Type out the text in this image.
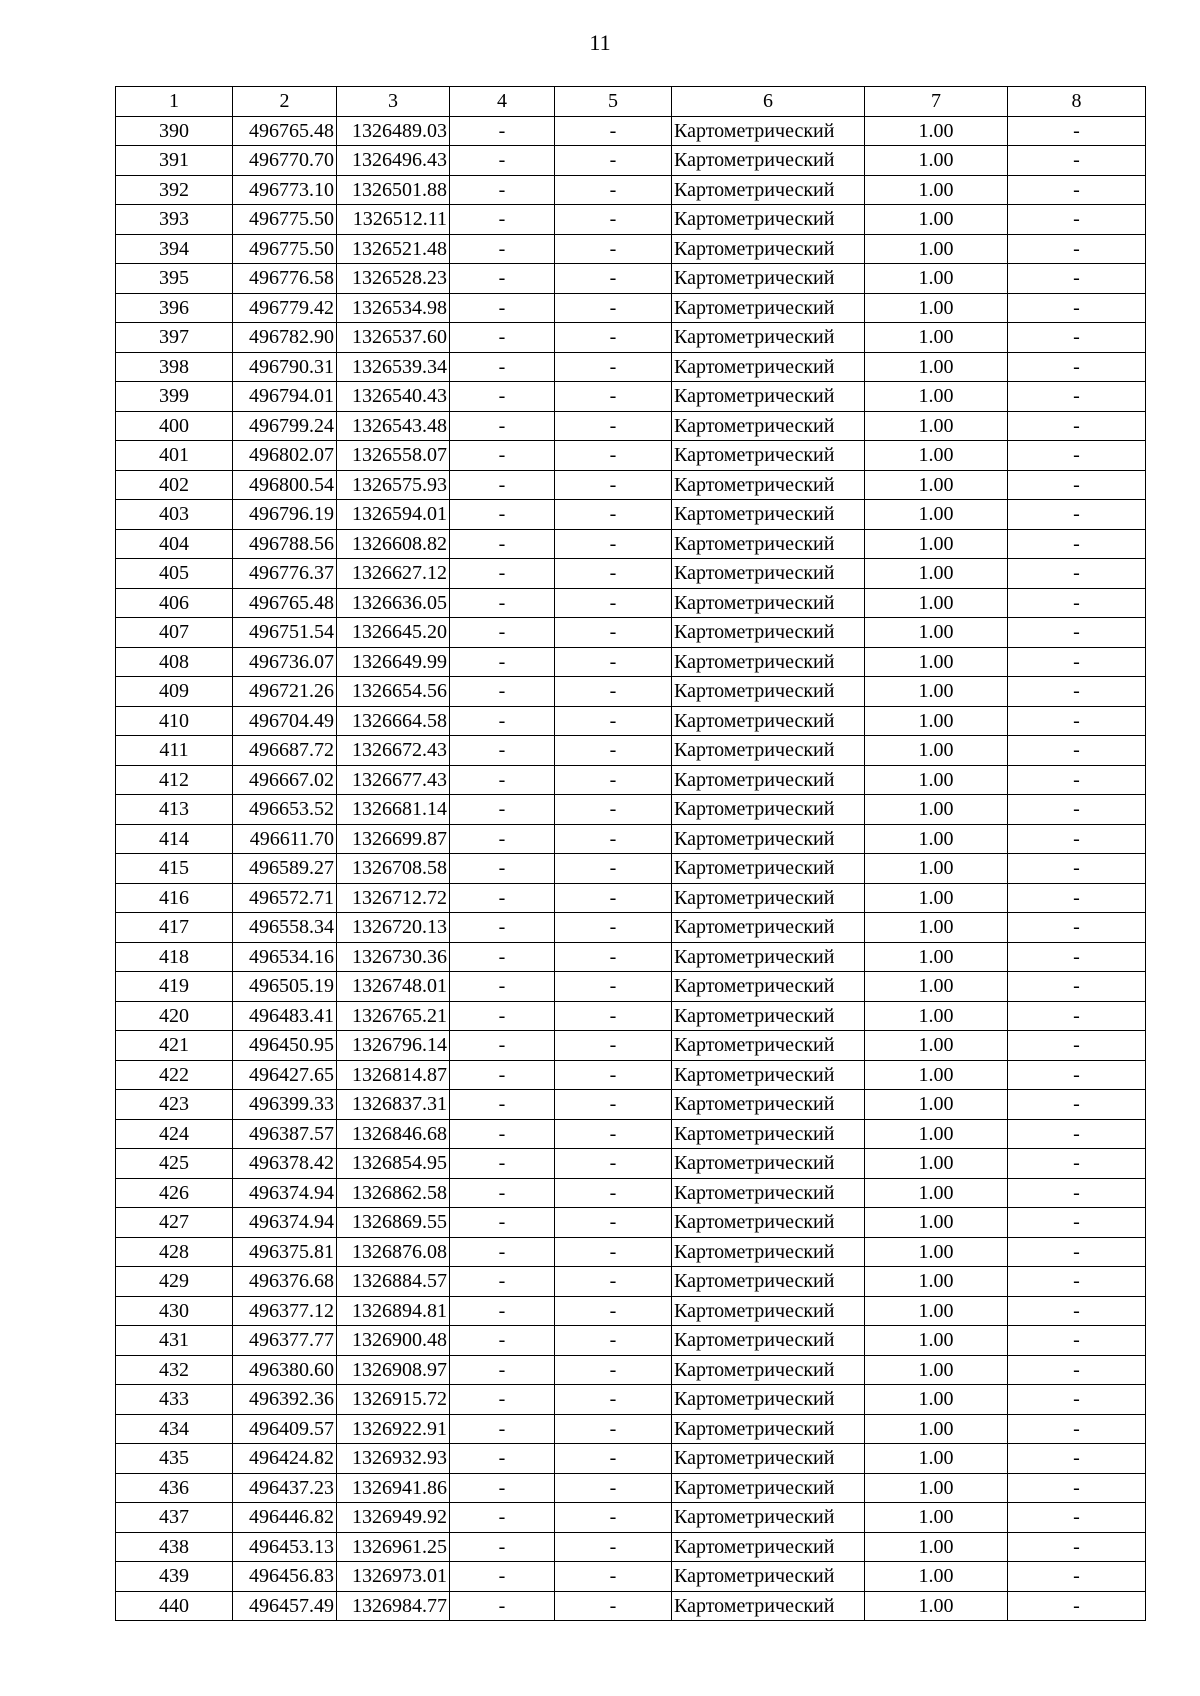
11
1	2	3	4	5	6	7	8
390	496765.48	1326489.03	-	-	Картометрический	1.00	-
391	496770.70	1326496.43	-	-	Картометрический	1.00	-
392	496773.10	1326501.88	-	-	Картометрический	1.00	-
393	496775.50	1326512.11	-	-	Картометрический	1.00	-
394	496775.50	1326521.48	-	-	Картометрический	1.00	-
395	496776.58	1326528.23	-	-	Картометрический	1.00	-
396	496779.42	1326534.98	-	-	Картометрический	1.00	-
397	496782.90	1326537.60	-	-	Картометрический	1.00	-
398	496790.31	1326539.34	-	-	Картометрический	1.00	-
399	496794.01	1326540.43	-	-	Картометрический	1.00	-
400	496799.24	1326543.48	-	-	Картометрический	1.00	-
401	496802.07	1326558.07	-	-	Картометрический	1.00	-
402	496800.54	1326575.93	-	-	Картометрический	1.00	-
403	496796.19	1326594.01	-	-	Картометрический	1.00	-
404	496788.56	1326608.82	-	-	Картометрический	1.00	-
405	496776.37	1326627.12	-	-	Картометрический	1.00	-
406	496765.48	1326636.05	-	-	Картометрический	1.00	-
407	496751.54	1326645.20	-	-	Картометрический	1.00	-
408	496736.07	1326649.99	-	-	Картометрический	1.00	-
409	496721.26	1326654.56	-	-	Картометрический	1.00	-
410	496704.49	1326664.58	-	-	Картометрический	1.00	-
411	496687.72	1326672.43	-	-	Картометрический	1.00	-
412	496667.02	1326677.43	-	-	Картометрический	1.00	-
413	496653.52	1326681.14	-	-	Картометрический	1.00	-
414	496611.70	1326699.87	-	-	Картометрический	1.00	-
415	496589.27	1326708.58	-	-	Картометрический	1.00	-
416	496572.71	1326712.72	-	-	Картометрический	1.00	-
417	496558.34	1326720.13	-	-	Картометрический	1.00	-
418	496534.16	1326730.36	-	-	Картометрический	1.00	-
419	496505.19	1326748.01	-	-	Картометрический	1.00	-
420	496483.41	1326765.21	-	-	Картометрический	1.00	-
421	496450.95	1326796.14	-	-	Картометрический	1.00	-
422	496427.65	1326814.87	-	-	Картометрический	1.00	-
423	496399.33	1326837.31	-	-	Картометрический	1.00	-
424	496387.57	1326846.68	-	-	Картометрический	1.00	-
425	496378.42	1326854.95	-	-	Картометрический	1.00	-
426	496374.94	1326862.58	-	-	Картометрический	1.00	-
427	496374.94	1326869.55	-	-	Картометрический	1.00	-
428	496375.81	1326876.08	-	-	Картометрический	1.00	-
429	496376.68	1326884.57	-	-	Картометрический	1.00	-
430	496377.12	1326894.81	-	-	Картометрический	1.00	-
431	496377.77	1326900.48	-	-	Картометрический	1.00	-
432	496380.60	1326908.97	-	-	Картометрический	1.00	-
433	496392.36	1326915.72	-	-	Картометрический	1.00	-
434	496409.57	1326922.91	-	-	Картометрический	1.00	-
435	496424.82	1326932.93	-	-	Картометрический	1.00	-
436	496437.23	1326941.86	-	-	Картометрический	1.00	-
437	496446.82	1326949.92	-	-	Картометрический	1.00	-
438	496453.13	1326961.25	-	-	Картометрический	1.00	-
439	496456.83	1326973.01	-	-	Картометрический	1.00	-
440	496457.49	1326984.77	-	-	Картометрический	1.00	-
